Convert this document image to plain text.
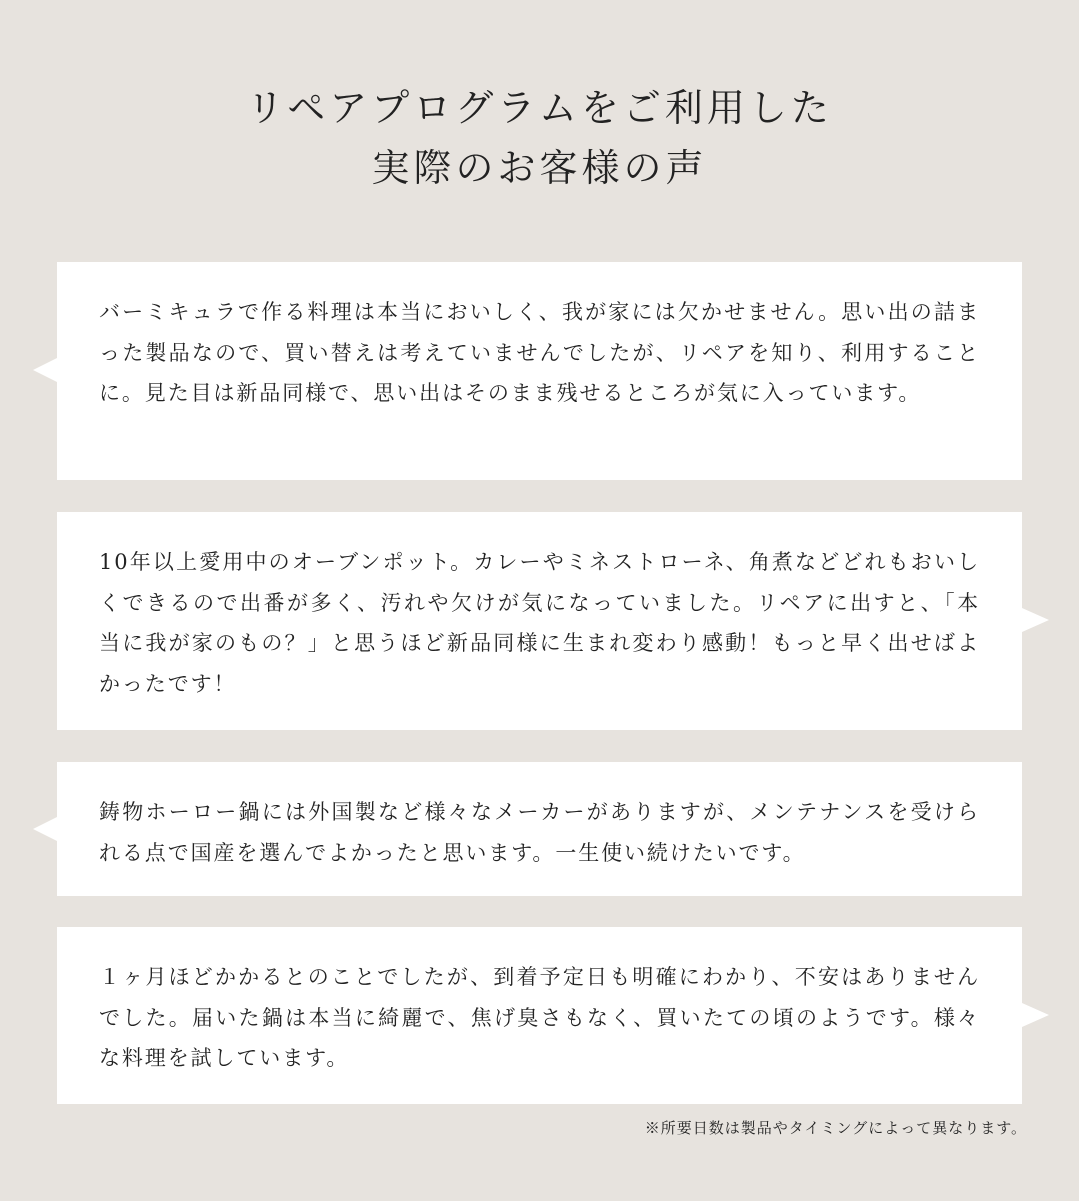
リペアプログラムをご利用した
実際のお客様の声

バーミキュラで作る料理は本当においしく、我が家には欠かせません。思い出の詰まった製品なので、買い替えは考えていませんでしたが、リペアを知り、利用することに。見た目は新品同様で、思い出はそのまま残せるところが気に入っています。

10年以上愛用中のオーブンポット。カレーやミネストローネ、角煮などどれもおいしくできるので出番が多く、汚れや欠けが気になっていました。リペアに出すと、「本当に我が家のもの？」と思うほど新品同様に生まれ変わり感動！もっと早く出せばよかったです！

鋳物ホーロー鍋には外国製など様々なメーカーがありますが、メンテナンスを受けられる点で国産を選んでよかったと思います。一生使い続けたいです。

１ヶ月ほどかかるとのことでしたが、到着予定日も明確にわかり、不安はありませんでした。届いた鍋は本当に綺麗で、焦げ臭さもなく、買いたての頃のようです。様々な料理を試しています。

※所要日数は製品やタイミングによって異なります。
